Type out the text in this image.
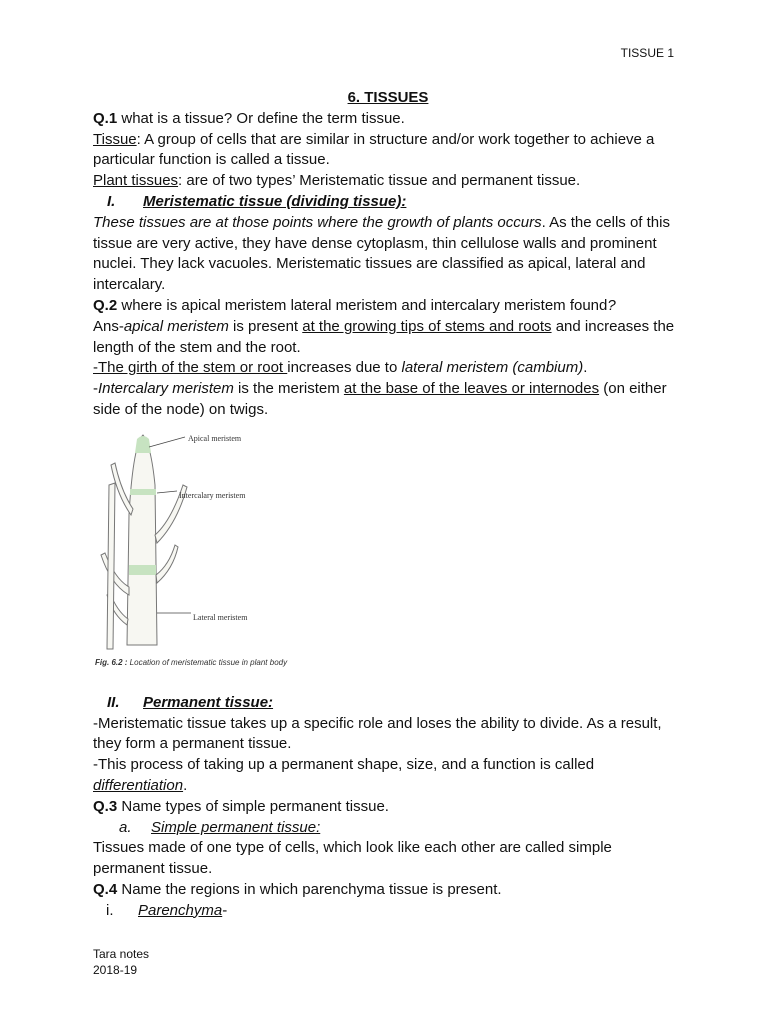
TISSUE 1

6. TISSUES

Q.1 what is a tissue? Or define the term tissue.

Tissue: A group of cells that are similar in structure and/or work together to achieve a particular function is called a tissue.

Plant tissues: are of two types’ Meristematic tissue and permanent tissue.

I. Meristematic tissue (dividing tissue):

These tissues are at those points where the growth of plants occurs. As the cells of this tissue are very active, they have dense cytoplasm, thin cellulose walls and prominent nuclei. They lack vacuoles. Meristematic tissues are classified as apical, lateral and intercalary.

Q.2 where is apical meristem lateral meristem and intercalary meristem found?

Ans-apical meristem is present at the growing tips of stems and roots and increases the length of the stem and the root.

-The girth of the stem or root increases due to lateral meristem (cambium).

-Intercalary meristem is the meristem at the base of the leaves or internodes (on either side of the node) on twigs.

Apical meristem
Intercalary meristem
Lateral meristem
Fig. 6.2 : Location of meristematic tissue in plant body

II. Permanent tissue:

-Meristematic tissue takes up a specific role and loses the ability to divide. As a result, they form a permanent tissue.

-This process of taking up a permanent shape, size, and a function is called differentiation.

Q.3 Name types of simple permanent tissue.

a. Simple permanent tissue:

Tissues made of one type of cells, which look like each other are called simple permanent tissue.

Q.4 Name the regions in which parenchyma tissue is present.

i. Parenchyma-

Tara notes
2018-19
